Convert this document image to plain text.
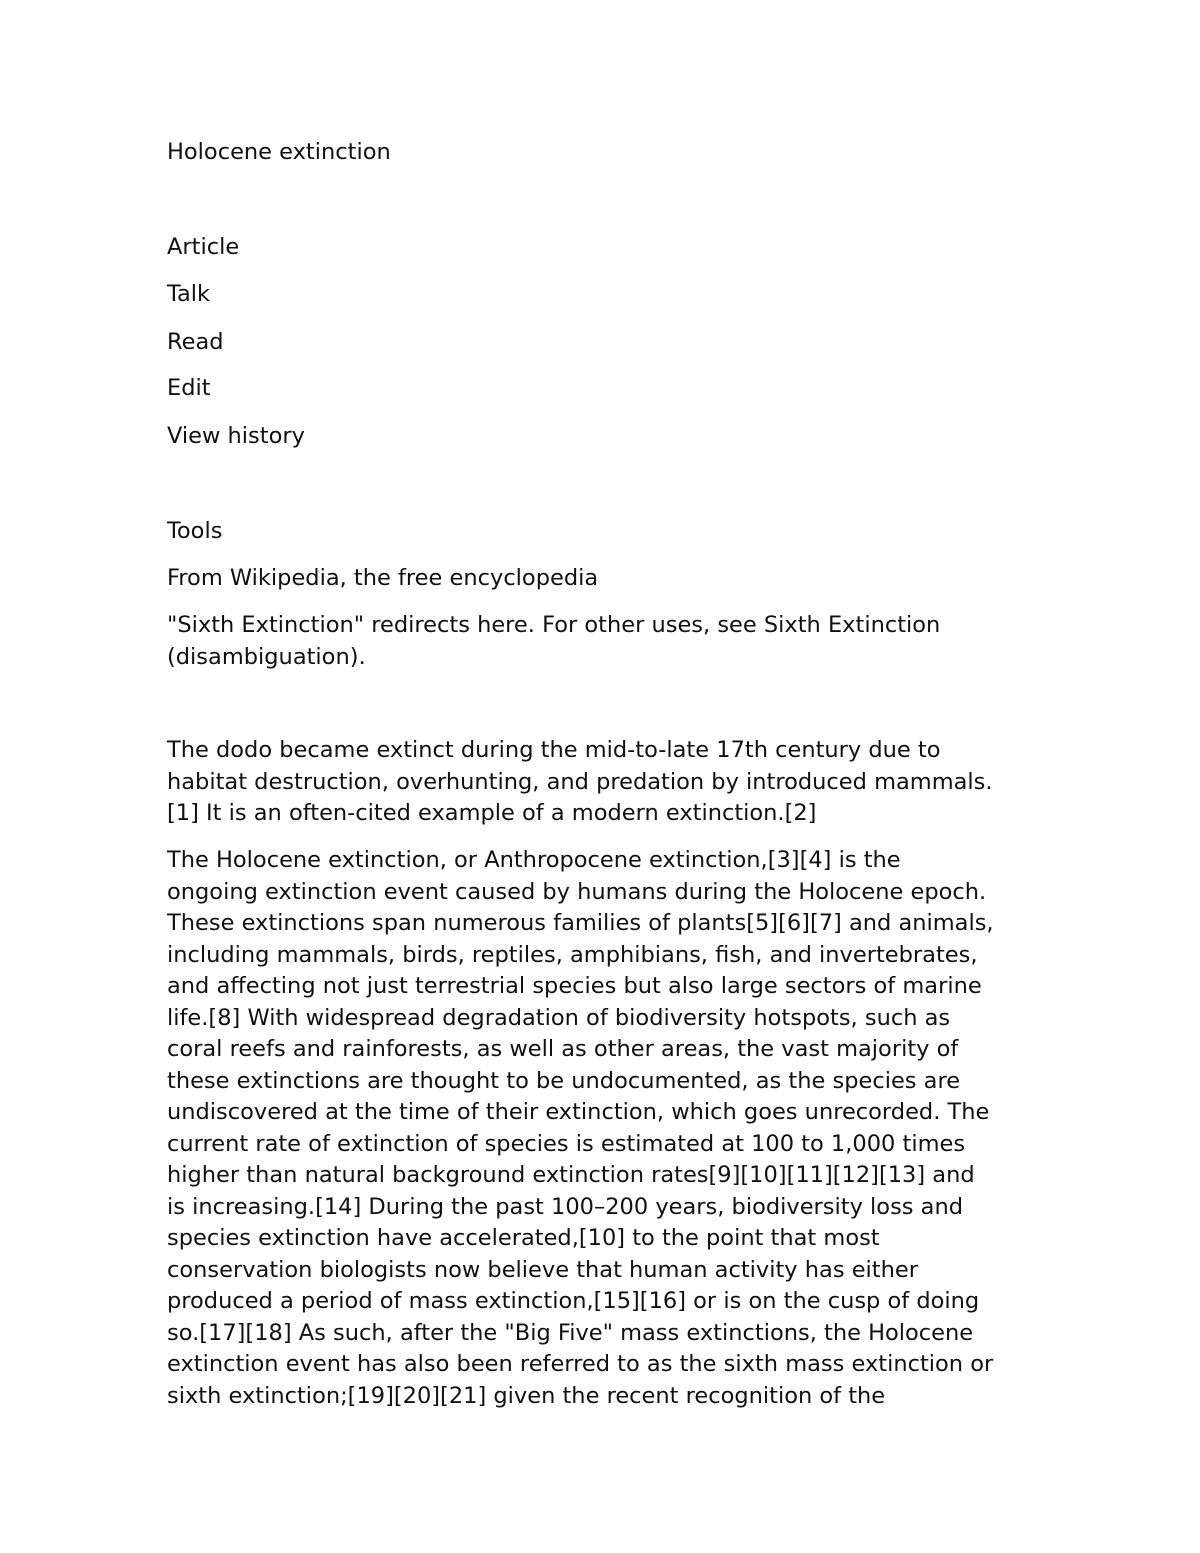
Holocene extinction

Article

Talk

Read

Edit

View history

Tools

From Wikipedia, the free encyclopedia

"Sixth Extinction" redirects here. For other uses, see Sixth Extinction
(disambiguation).
The dodo became extinct during the mid-to-late 17th century due to
habitat destruction, overhunting, and predation by introduced mammals.
[1] It is an often-cited example of a modern extinction.[2]
The Holocene extinction, or Anthropocene extinction,[3][4] is the
ongoing extinction event caused by humans during the Holocene epoch.
These extinctions span numerous families of plants[5][6][7] and animals,
including mammals, birds, reptiles, amphibians, fish, and invertebrates,
and affecting not just terrestrial species but also large sectors of marine
life.[8] With widespread degradation of biodiversity hotspots, such as
coral reefs and rainforests, as well as other areas, the vast majority of
these extinctions are thought to be undocumented, as the species are
undiscovered at the time of their extinction, which goes unrecorded. The
current rate of extinction of species is estimated at 100 to 1,000 times
higher than natural background extinction rates[9][10][11][12][13] and
is increasing.[14] During the past 100–200 years, biodiversity loss and
species extinction have accelerated,[10] to the point that most
conservation biologists now believe that human activity has either
produced a period of mass extinction,[15][16] or is on the cusp of doing
so.[17][18] As such, after the "Big Five" mass extinctions, the Holocene
extinction event has also been referred to as the sixth mass extinction or
sixth extinction;[19][20][21] given the recent recognition of the
